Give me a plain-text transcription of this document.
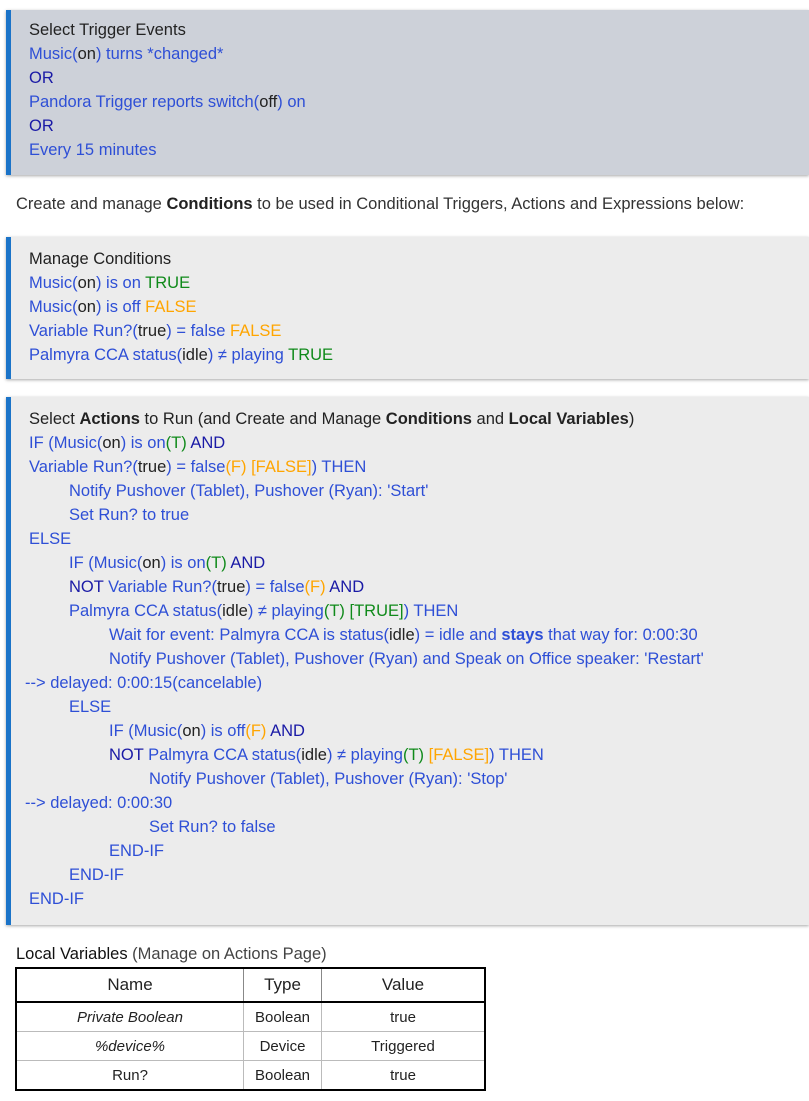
Select Trigger Events
Music(on) turns *changed*
OR
Pandora Trigger reports switch(off) on
OR
Every 15 minutes
Create and manage Conditions to be used in Conditional Triggers, Actions and Expressions below:
Manage Conditions
Music(on) is on TRUE
Music(on) is off FALSE
Variable Run?(true) = false FALSE
Palmyra CCA status(idle) ≠ playing TRUE
Select Actions to Run (and Create and Manage Conditions and Local Variables)
IF (Music(on) is on(T) AND
Variable Run?(true) = false(F) [FALSE]) THEN
Notify Pushover (Tablet), Pushover (Ryan): 'Start'
Set Run? to true
ELSE
IF (Music(on) is on(T) AND
NOT Variable Run?(true) = false(F) AND
Palmyra CCA status(idle) ≠ playing(T) [TRUE]) THEN
Wait for event: Palmyra CCA is status(idle) = idle and stays that way for: 0:00:30
Notify Pushover (Tablet), Pushover (Ryan) and Speak on Office speaker: 'Restart'
--> delayed: 0:00:15(cancelable)
ELSE
IF (Music(on) is off(F) AND
NOT Palmyra CCA status(idle) ≠ playing(T) [FALSE]) THEN
Notify Pushover (Tablet), Pushover (Ryan): 'Stop'
--> delayed: 0:00:30
Set Run? to false
END-IF
END-IF
END-IF
Local Variables (Manage on Actions Page)
Name	Type	Value
Private Boolean	Boolean	true
%device%	Device	Triggered
Run?	Boolean	true
